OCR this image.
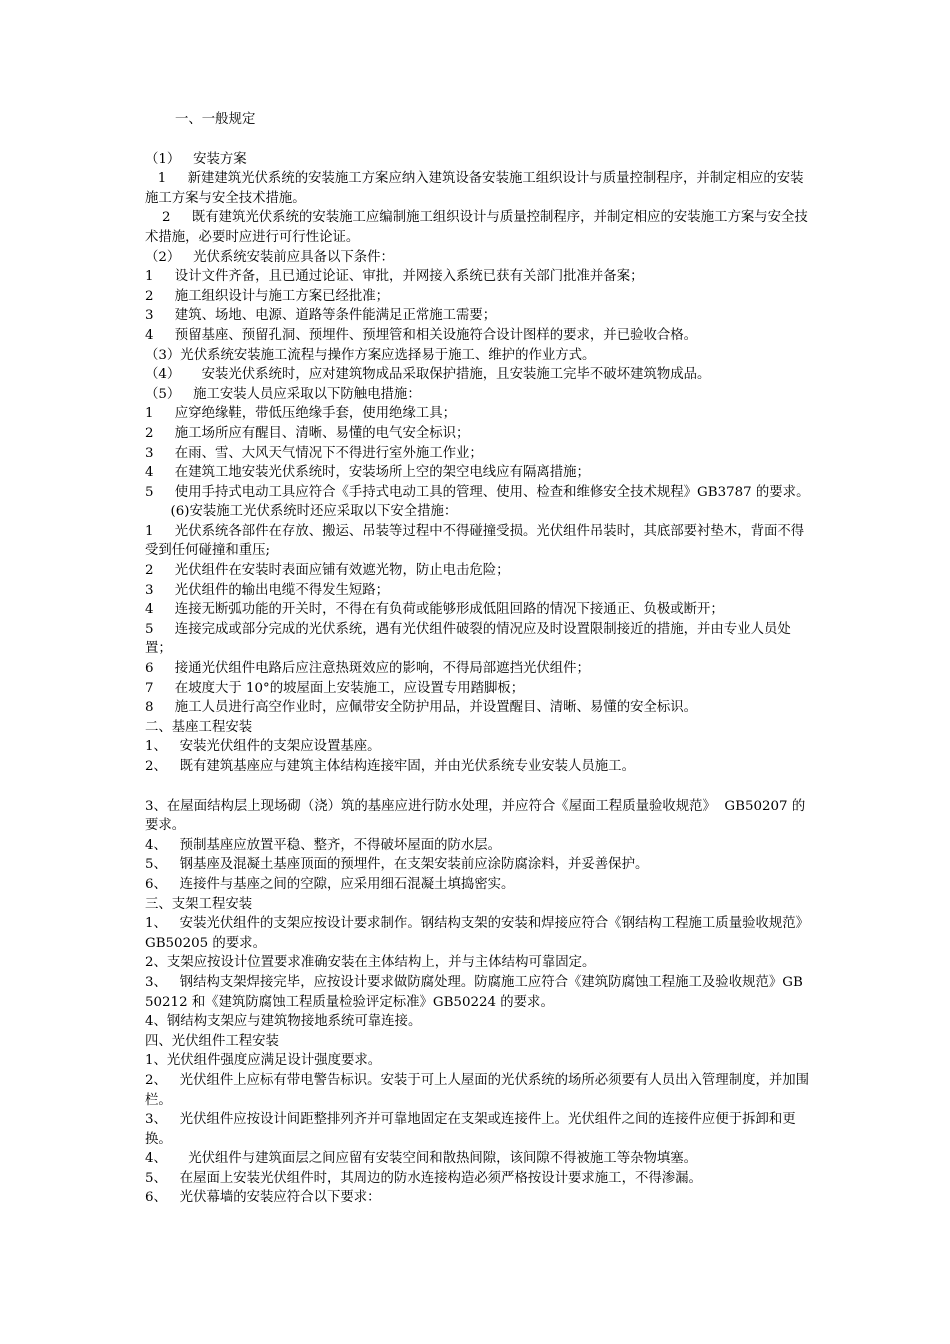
一、一般规定
（1）   安装方案
1     新建建筑光伏系统的安装施工方案应纳入建筑设备安装施工组织设计与质量控制程序，并制定相应的安装施工方案与安全技术措施。
2     既有建筑光伏系统的安装施工应编制施工组织设计与质量控制程序，并制定相应的安装施工方案与安全技术措施，必要时应进行可行性论证。
（2）   光伏系统安装前应具备以下条件：
1     设计文件齐备，且已通过论证、审批，并网接入系统已获有关部门批准并备案；
2     施工组织设计与施工方案已经批准；
3     建筑、场地、电源、道路等条件能满足正常施工需要；
4     预留基座、预留孔洞、预埋件、预埋管和相关设施符合设计图样的要求，并已验收合格。
（3）光伏系统安装施工流程与操作方案应选择易于施工、维护的作业方式。
（4）     安装光伏系统时，应对建筑物成品采取保护措施，且安装施工完毕不破坏建筑物成品。
（5）   施工安装人员应采取以下防触电措施：
1     应穿绝缘鞋，带低压绝缘手套，使用绝缘工具；
2     施工场所应有醒目、清晰、易懂的电气安全标识；
3     在雨、雪、大风天气情况下不得进行室外施工作业；
4     在建筑工地安装光伏系统时，安装场所上空的架空电线应有隔离措施；
5     使用手持式电动工具应符合《手持式电动工具的管理、使用、检查和维修安全技术规程》GB3787 的要求。
(6)安装施工光伏系统时还应采取以下安全措施：
1     光伏系统各部件在存放、搬运、吊装等过程中不得碰撞受损。光伏组件吊装时，其底部要衬垫木，背面不得受到任何碰撞和重压;
2     光伏组件在安装时表面应铺有效遮光物，防止电击危险；
3     光伏组件的输出电缆不得发生短路；
4     连接无断弧功能的开关时，不得在有负荷或能够形成低阻回路的情况下接通正、负极或断开；
5     连接完成或部分完成的光伏系统，遇有光伏组件破裂的情况应及时设置限制接近的措施，并由专业人员处置；
6     接通光伏组件电路后应注意热斑效应的影响，不得局部遮挡光伏组件；
7     在坡度大于 10°的坡屋面上安装施工，应设置专用踏脚板；
8     施工人员进行高空作业时，应佩带安全防护用品，并设置醒目、清晰、易懂的安全标识。
二、基座工程安装
1、   安装光伏组件的支架应设置基座。
2、   既有建筑基座应与建筑主体结构连接牢固，并由光伏系统专业安装人员施工。
3、在屋面结构层上现场砌（浇）筑的基座应进行防水处理，并应符合《屋面工程质量验收规范》  GB50207 的要求。
4、   预制基座应放置平稳、整齐，不得破坏屋面的防水层。
5、   钢基座及混凝土基座顶面的预埋件，在支架安装前应涂防腐涂料，并妥善保护。
6、   连接件与基座之间的空隙，应采用细石混凝土填捣密实。
三、支架工程安装
1、   安装光伏组件的支架应按设计要求制作。钢结构支架的安装和焊接应符合《钢结构工程施工质量验收规范》GB50205 的要求。
2、支架应按设计位置要求准确安装在主体结构上，并与主体结构可靠固定。
3、   钢结构支架焊接完毕，应按设计要求做防腐处理。防腐施工应符合《建筑防腐蚀工程施工及验收规范》GB50212 和《建筑防腐蚀工程质量检验评定标准》GB50224 的要求。
4、钢结构支架应与建筑物接地系统可靠连接。
四、光伏组件工程安装
1、光伏组件强度应满足设计强度要求。
2、   光伏组件上应标有带电警告标识。安装于可上人屋面的光伏系统的场所必须要有人员出入管理制度，并加围栏。
3、   光伏组件应按设计间距整排列齐并可靠地固定在支架或连接件上。光伏组件之间的连接件应便于拆卸和更换。
4、     光伏组件与建筑面层之间应留有安装空间和散热间隙，该间隙不得被施工等杂物填塞。
5、   在屋面上安装光伏组件时，其周边的防水连接构造必须严格按设计要求施工，不得渗漏。
6、   光伏幕墙的安装应符合以下要求：
